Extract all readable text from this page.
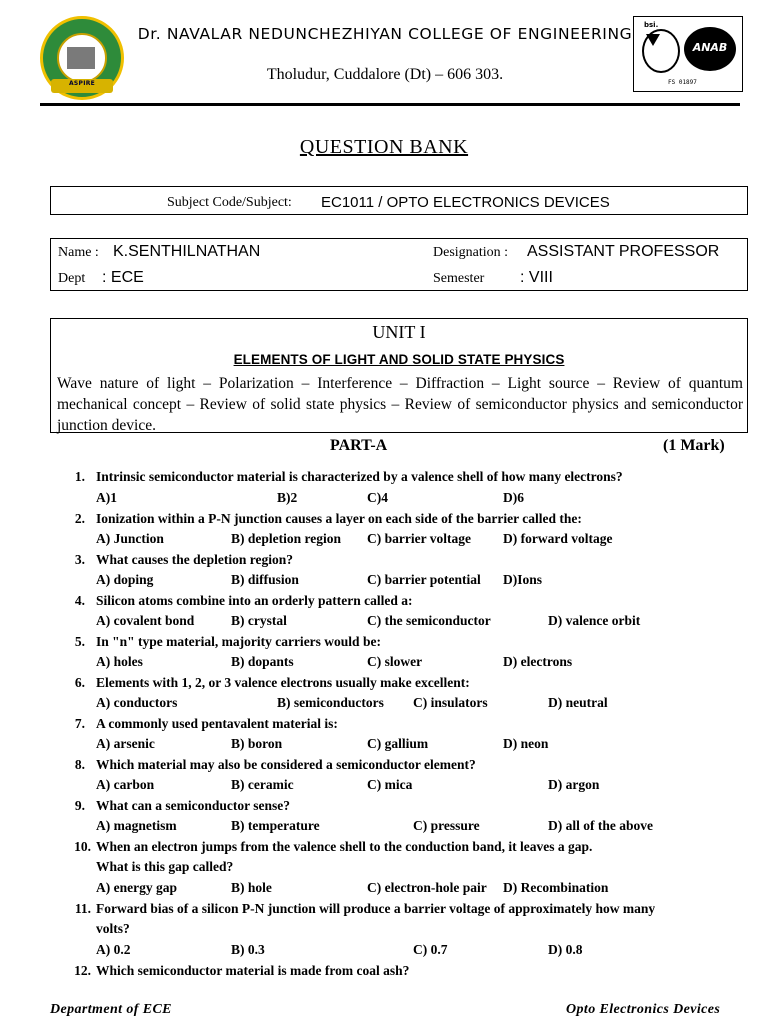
ASPIRE
Dr. NAVALAR NEDUNCHEZHIYAN COLLEGE OF ENGINEERING
Tholudur, Cuddalore (Dt) – 606 303.
bsi.
ANAB
FS 01897
QUESTION BANK
Subject Code/Subject: EC1011 / OPTO ELECTRONICS DEVICES
Name : K.SENTHILNATHAN	Designation : ASSISTANT PROFESSOR
Dept : ECE	Semester : VIII
UNIT I
ELEMENTS OF LIGHT AND SOLID STATE PHYSICS
Wave nature of light – Polarization – Interference – Diffraction – Light source – Review of quantum mechanical concept – Review of solid state physics – Review of semiconductor physics and semiconductor junction device.
PART-A	(1 Mark)
1. Intrinsic semiconductor material is characterized by a valence shell of how many electrons?
A)1	B)2	C)4	D)6
2. Ionization within a P-N junction causes a layer on each side of the barrier called the:
A) Junction	B) depletion region C) barrier voltage D) forward voltage
3. What causes the depletion region?
A) doping	B) diffusion	C) barrier potential D)Ions
4. Silicon atoms combine into an orderly pattern called a:
A) covalent bond	B) crystal	C) the semiconductor	D) valence orbit
5. In "n" type material, majority carriers would be:
A) holes	B) dopants	C) slower	D) electrons
6. Elements with 1, 2, or 3 valence electrons usually make excellent:
A) conductors	B) semiconductors C) insulators	D) neutral
7. A commonly used pentavalent material is:
A) arsenic	B) boron	C) gallium	D) neon
8. Which material may also be considered a semiconductor element?
A) carbon	B) ceramic	C) mica	D) argon
9. What can a semiconductor sense?
A) magnetism	B) temperature	C) pressure	D) all of the above
10. When an electron jumps from the valence shell to the conduction band, it leaves a gap.
What is this gap called?
A) energy gap	B) hole	C) electron-hole pair D) Recombination
11. Forward bias of a silicon P-N junction will produce a barrier voltage of approximately how many
volts?
A) 0.2	B) 0.3	C) 0.7	D) 0.8
12. Which semiconductor material is made from coal ash?
Department of ECE	Opto Electronics Devices
